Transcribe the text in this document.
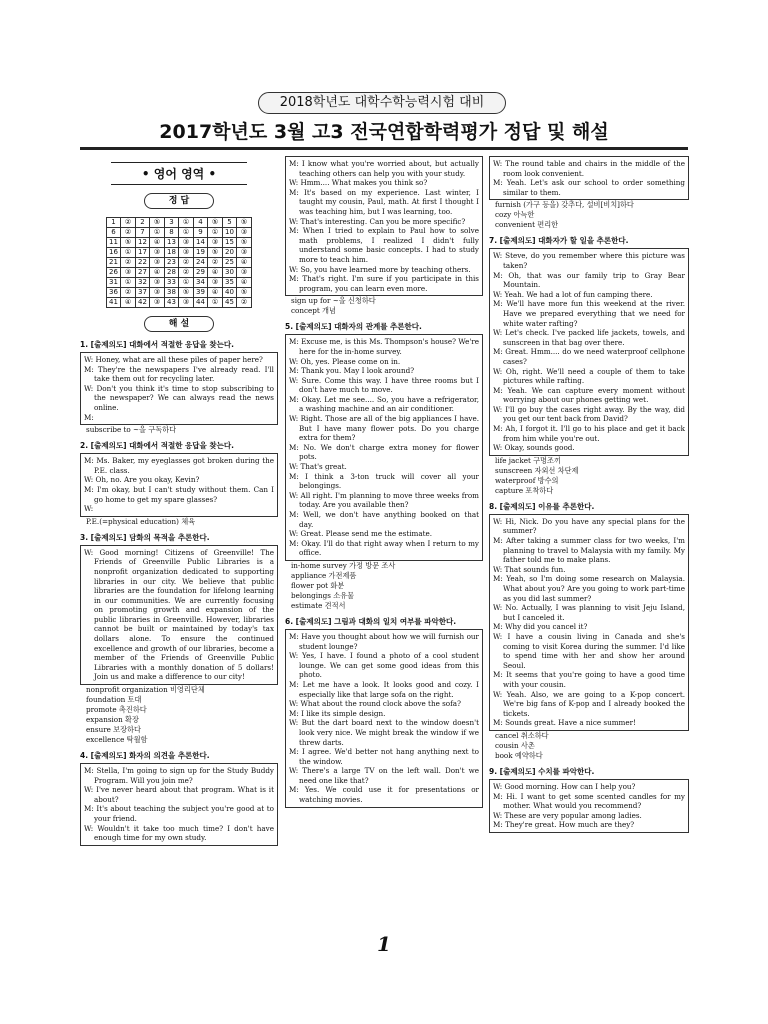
2018학년도 대학수학능력시험 대비
2017학년도 3월 고3 전국연합학력평가 정답 및 해설
• 영어 영역 •
정 답
1	②	2	⑤	3	①	4	⑤	5	⑤
6	②	7	①	8	①	9	①	10	③
11	⑤	12	④	13	③	14	③	15	⑤
16	①	17	③	18	③	19	⑤	20	③
21	②	22	③	23	②	24	②	25	④
26	③	27	④	28	②	29	④	30	③
31	①	32	③	33	①	34	③	35	④
36	②	37	③	38	⑤	39	④	40	⑤
41	④	42	③	43	③	44	①	45	②
해 설
1. [출제의도] 대화에서 적절한 응답을 찾는다.
W: Honey, what are all these piles of paper here?
M: They're the newspapers I've already read. I'll take them out for recycling later.
W: Don't you think it's time to stop subscribing to the newspaper? We can always read the news online.
M:
subscribe to ~을 구독하다
2. [출제의도] 대화에서 적절한 응답을 찾는다.
M: Ms. Baker, my eyeglasses got broken during the P.E. class.
W: Oh, no. Are you okay, Kevin?
M: I'm okay, but I can't study without them. Can I go home to get my spare glasses?
W:
P.E.(=physical education) 체육
3. [출제의도] 담화의 목적을 추론한다.
W: Good morning! Citizens of Greenville! The Friends of Greenville Public Libraries is a nonprofit organization dedicated to supporting libraries in our city. We believe that public libraries are the foundation for lifelong learning in our communities. We are currently focusing on promoting growth and expansion of the public libraries in Greenville. However, libraries cannot be built or maintained by today's tax dollars alone. To ensure the continued excellence and growth of our libraries, become a member of the Friends of Greenville Public Libraries with a monthly donation of 5 dollars! Join us and make a difference to our city!
nonprofit organization 비영리단체
foundation 토대
promote 촉진하다
expansion 확장
ensure 보장하다
excellence 탁월함
4. [출제의도] 화자의 의견을 추론한다.
M: Stella, I'm going to sign up for the Study Buddy Program. Will you join me?
W: I've never heard about that program. What is it about?
M: It's about teaching the subject you're good at to your friend.
W: Wouldn't it take too much time? I don't have enough time for my own study.
M: I know what you're worried about, but actually teaching others can help you with your study.
W: Hmm.... What makes you think so?
M: It's based on my experience. Last winter, I taught my cousin, Paul, math. At first I thought I was teaching him, but I was learning, too.
W: That's interesting. Can you be more specific?
M: When I tried to explain to Paul how to solve math problems, I realized I didn't fully understand some basic concepts. I had to study more to teach him.
W: So, you have learned more by teaching others.
M: That's right. I'm sure if you participate in this program, you can learn even more.
sign up for ~을 신청하다
concept 개념
5. [출제의도] 대화자의 관계를 추론한다.
M: Excuse me, is this Ms. Thompson's house? We're here for the in-home survey.
W: Oh, yes. Please come on in.
M: Thank you. May I look around?
W: Sure. Come this way. I have three rooms but I don't have much to move.
M: Okay. Let me see.... So, you have a refrigerator, a washing machine and an air conditioner.
W: Right. Those are all of the big appliances I have. But I have many flower pots. Do you charge extra for them?
M: No. We don't charge extra money for flower pots.
W: That's great.
M: I think a 3-ton truck will cover all your belongings.
W: All right. I'm planning to move three weeks from today. Are you available then?
M: Well, we don't have anything booked on that day.
W: Great. Please send me the estimate.
M: Okay. I'll do that right away when I return to my office.
in-home survey 가정 방문 조사
appliance 가전제품
flower pot 화분
belongings 소유물
estimate 견적서
6. [출제의도] 그림과 대화의 일치 여부를 파악한다.
M: Have you thought about how we will furnish our student lounge?
W: Yes, I have. I found a photo of a cool student lounge. We can get some good ideas from this photo.
M: Let me have a look. It looks good and cozy. I especially like that large sofa on the right.
W: What about the round clock above the sofa?
M: I like its simple design.
W: But the dart board next to the window doesn't look very nice. We might break the window if we threw darts.
M: I agree. We'd better not hang anything next to the window.
W: There's a large TV on the left wall. Don't we need one like that?
M: Yes. We could use it for presentations or watching movies.
W: The round table and chairs in the middle of the room look convenient.
M: Yeah. Let's ask our school to order something similar to them.
furnish (가구 등을) 갖추다, 설비[비치]하다
cozy 아늑한
convenient 편리한
7. [출제의도] 대화자가 할 일을 추론한다.
W: Steve, do you remember where this picture was taken?
M: Oh, that was our family trip to Gray Bear Mountain.
W: Yeah. We had a lot of fun camping there.
M: We'll have more fun this weekend at the river. Have we prepared everything that we need for white water rafting?
W: Let's check. I've packed life jackets, towels, and sunscreen in that bag over there.
M: Great. Hmm.... do we need waterproof cellphone cases?
W: Oh, right. We'll need a couple of them to take pictures while rafting.
M: Yeah. We can capture every moment without worrying about our phones getting wet.
W: I'll go buy the cases right away. By the way, did you get our tent back from David?
M: Ah, I forgot it. I'll go to his place and get it back from him while you're out.
W: Okay, sounds good.
life jacket 구명조끼
sunscreen 자외선 차단제
waterproof 방수의
capture 포착하다
8. [출제의도] 이유를 추론한다.
W: Hi, Nick. Do you have any special plans for the summer?
M: After taking a summer class for two weeks, I'm planning to travel to Malaysia with my family. My father told me to make plans.
W: That sounds fun.
M: Yeah, so I'm doing some research on Malaysia. What about you? Are you going to work part-time as you did last summer?
W: No. Actually, I was planning to visit Jeju Island, but I canceled it.
M: Why did you cancel it?
W: I have a cousin living in Canada and she's coming to visit Korea during the summer. I'd like to spend time with her and show her around Seoul.
M: It seems that you're going to have a good time with your cousin.
W: Yeah. Also, we are going to a K-pop concert. We're big fans of K-pop and I already booked the tickets.
M: Sounds great. Have a nice summer!
cancel 취소하다
cousin 사촌
book 예약하다
9. [출제의도] 수치를 파악한다.
W: Good morning. How can I help you?
M: Hi. I want to get some scented candles for my mother. What would you recommend?
W: These are very popular among ladies.
M: They're great. How much are they?
1
